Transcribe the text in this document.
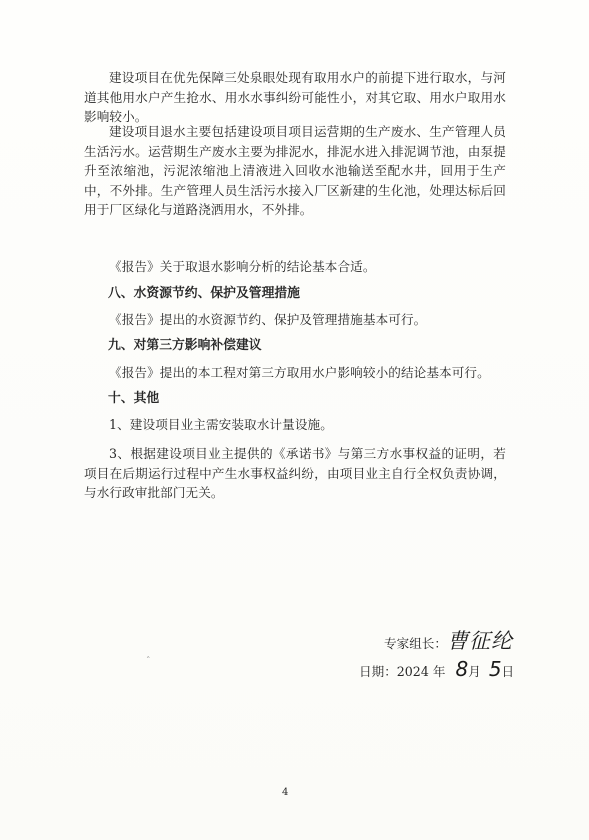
建设项目在优先保障三处泉眼处现有取用水户的前提下进行取水，与河道其他用水户产生抢水、用水水事纠纷可能性小，对其它取、用水户取用水影响较小。
建设项目退水主要包括建设项目项目运营期的生产废水、生产管理人员生活污水。运营期生产废水主要为排泥水，排泥水进入排泥调节池，由泵提升至浓缩池，污泥浓缩池上清液进入回收水池输送至配水井，回用于生产中，不外排。生产管理人员生活污水接入厂区新建的生化池，处理达标后回用于厂区绿化与道路浇洒用水，不外排。
《报告》关于取退水影响分析的结论基本合适。
八、水资源节约、保护及管理措施
《报告》提出的水资源节约、保护及管理措施基本可行。
九、对第三方影响补偿建议
《报告》提出的本工程对第三方取用水户影响较小的结论基本可行。
十、其他
1、建设项目业主需安装取水计量设施。
3、根据建设项目业主提供的《承诺书》与第三方水事权益的证明，若项目在后期运行过程中产生水事权益纠纷，由项目业主自行全权负责协调，与水行政审批部门无关。
专家组长：曹征纶
日期：2024 年 8月 5日
ˆ
4
